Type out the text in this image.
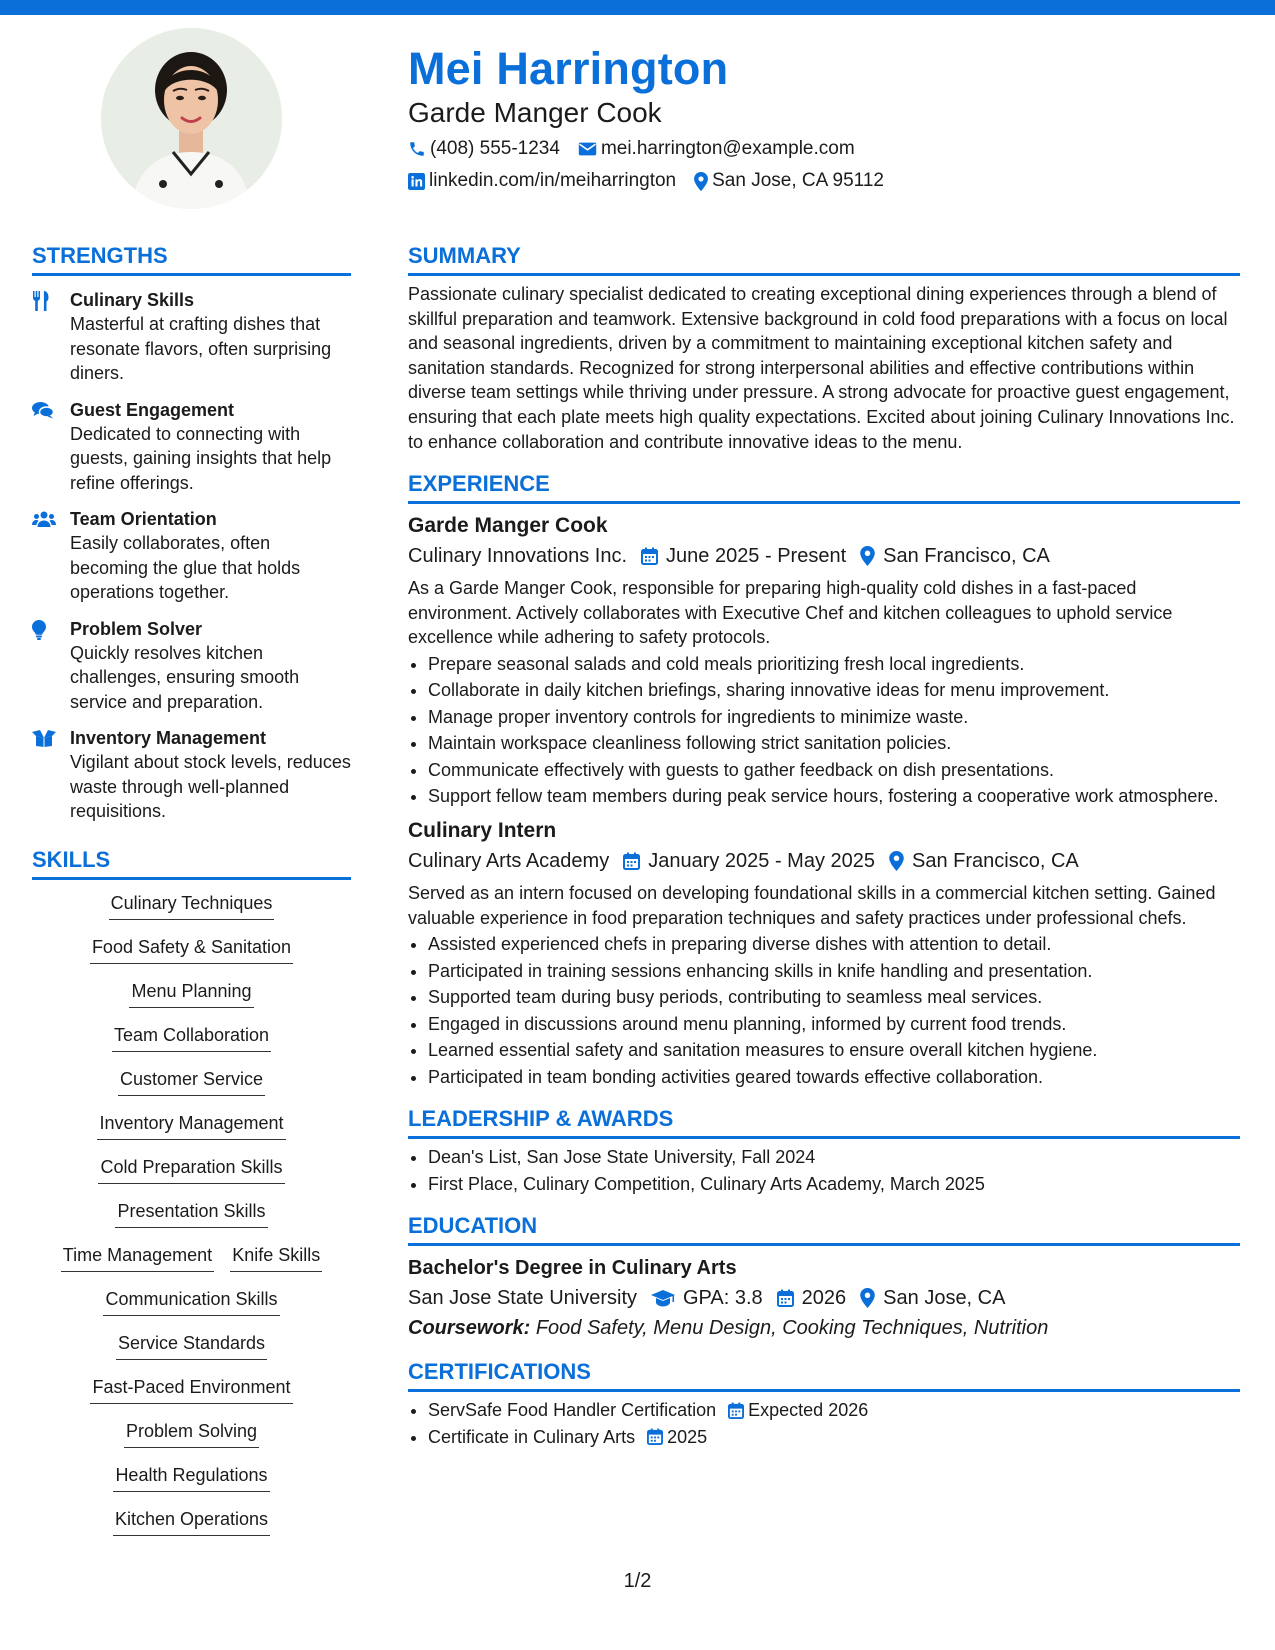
Mei Harrington
Garde Manger Cook
(408) 555-1234 mei.harrington@example.com
linkedin.com/in/meiharrington San Jose, CA 95112
STRENGTHS
Culinary Skills
Masterful at crafting dishes that resonate flavors, often surprising diners.
Guest Engagement
Dedicated to connecting with guests, gaining insights that help refine offerings.
Team Orientation
Easily collaborates, often becoming the glue that holds operations together.
Problem Solver
Quickly resolves kitchen challenges, ensuring smooth service and preparation.
Inventory Management
Vigilant about stock levels, reduces waste through well-planned requisitions.
SKILLS
Culinary Techniques
Food Safety & Sanitation
Menu Planning
Team Collaboration
Customer Service
Inventory Management
Cold Preparation Skills
Presentation Skills
Time Management Knife Skills
Communication Skills
Service Standards
Fast-Paced Environment
Problem Solving
Health Regulations
Kitchen Operations
SUMMARY
Passionate culinary specialist dedicated to creating exceptional dining experiences through a blend of skillful preparation and teamwork. Extensive background in cold food preparations with a focus on local and seasonal ingredients, driven by a commitment to maintaining exceptional kitchen safety and sanitation standards. Recognized for strong interpersonal abilities and effective contributions within diverse team settings while thriving under pressure. A strong advocate for proactive guest engagement, ensuring that each plate meets high quality expectations. Excited about joining Culinary Innovations Inc. to enhance collaboration and contribute innovative ideas to the menu.
EXPERIENCE
Garde Manger Cook
Culinary Innovations Inc. June 2025 - Present San Francisco, CA
As a Garde Manger Cook, responsible for preparing high-quality cold dishes in a fast-paced environment. Actively collaborates with Executive Chef and kitchen colleagues to uphold service excellence while adhering to safety protocols.
• Prepare seasonal salads and cold meals prioritizing fresh local ingredients.
• Collaborate in daily kitchen briefings, sharing innovative ideas for menu improvement.
• Manage proper inventory controls for ingredients to minimize waste.
• Maintain workspace cleanliness following strict sanitation policies.
• Communicate effectively with guests to gather feedback on dish presentations.
• Support fellow team members during peak service hours, fostering a cooperative work atmosphere.
Culinary Intern
Culinary Arts Academy January 2025 - May 2025 San Francisco, CA
Served as an intern focused on developing foundational skills in a commercial kitchen setting. Gained valuable experience in food preparation techniques and safety practices under professional chefs.
• Assisted experienced chefs in preparing diverse dishes with attention to detail.
• Participated in training sessions enhancing skills in knife handling and presentation.
• Supported team during busy periods, contributing to seamless meal services.
• Engaged in discussions around menu planning, informed by current food trends.
• Learned essential safety and sanitation measures to ensure overall kitchen hygiene.
• Participated in team bonding activities geared towards effective collaboration.
LEADERSHIP & AWARDS
• Dean's List, San Jose State University, Fall 2024
• First Place, Culinary Competition, Culinary Arts Academy, March 2025
EDUCATION
Bachelor's Degree in Culinary Arts
San Jose State University GPA: 3.8 2026 San Jose, CA
Coursework: Food Safety, Menu Design, Cooking Techniques, Nutrition
CERTIFICATIONS
• ServSafe Food Handler Certification Expected 2026
• Certificate in Culinary Arts 2025
1/2
